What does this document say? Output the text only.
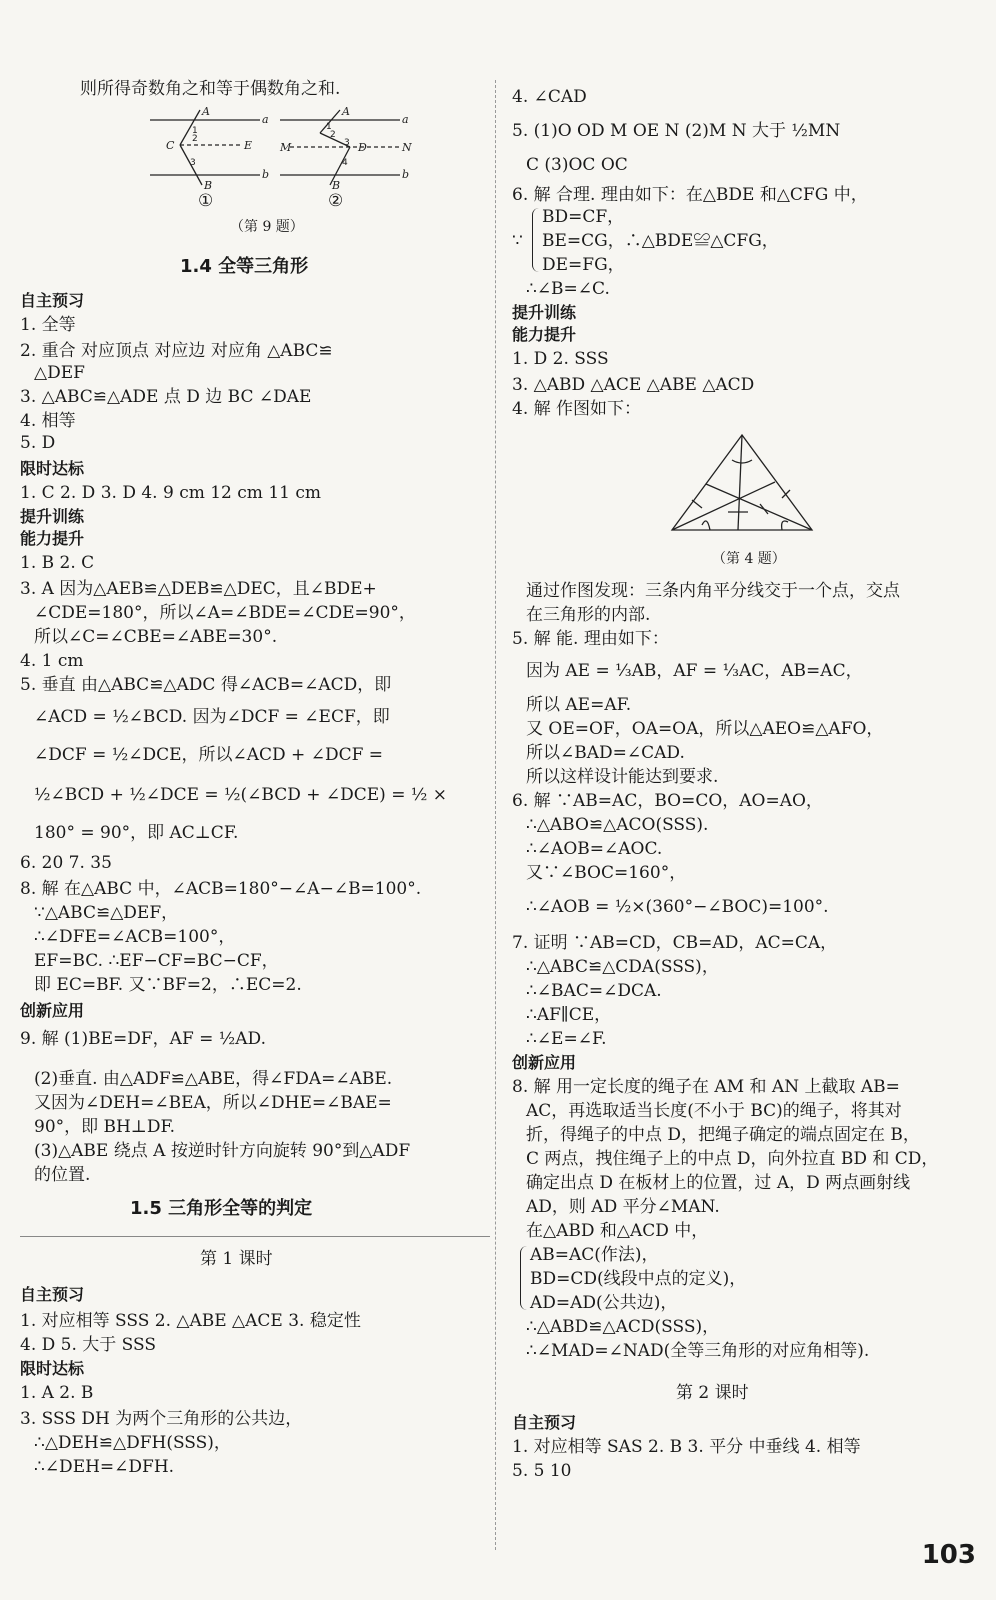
则所得奇数角之和等于偶数角之和.
A
a
C	E
B
b
A
a
M	N
D
B
b
1
2
3
1
2
3
4
①	②
（第 9 题）
1.4 全等三角形
自主预习
1. 全等
2. 重合 对应顶点 对应边 对应角 △ABC≌
△DEF
3. △ABC≌△ADE 点 D 边 BC ∠DAE
4. 相等
5. D
限时达标
1. C 2. D 3. D 4. 9 cm 12 cm 11 cm
提升训练
能力提升
1. B 2. C
3. A 因为△AEB≌△DEB≌△DEC，且∠BDE+
∠CDE=180°，所以∠A=∠BDE=∠CDE=90°，
所以∠C=∠CBE=∠ABE=30°.
4. 1 cm
5. 垂直 由△ABC≌△ADC 得∠ACB=∠ACD，即
∠ACD = ½∠BCD. 因为∠DCF = ∠ECF，即
∠DCF = ½∠DCE，所以∠ACD + ∠DCF =
½∠BCD + ½∠DCE = ½(∠BCD + ∠DCE) = ½ ×
180° = 90°，即 AC⊥CF.
6. 20 7. 35
8. 解 在△ABC 中，∠ACB=180°−∠A−∠B=100°.
∵△ABC≌△DEF，
∴∠DFE=∠ACB=100°，
EF=BC. ∴EF−CF=BC−CF，
即 EC=BF. 又∵BF=2，∴EC=2.
创新应用
9. 解 (1)BE=DF，AF = ½AD.
(2)垂直. 由△ADF≌△ABE，得∠FDA=∠ABE.
又因为∠DEH=∠BEA，所以∠DHE=∠BAE=
90°，即 BH⊥DF.
(3)△ABE 绕点 A 按逆时针方向旋转 90°到△ADF
的位置.
1.5 三角形全等的判定
第 1 课时
自主预习
1. 对应相等 SSS 2. △ABE △ACE 3. 稳定性
4. D 5. 大于 SSS
限时达标
1. A 2. B
3. SSS DH 为两个三角形的公共边，
∴△DEH≌△DFH(SSS)，
∴∠DEH=∠DFH.
4. ∠CAD
5. (1)O OD M OE N (2)M N 大于 ½MN
C (3)OC OC
6. 解 合理. 理由如下：在△BDE 和△CFG 中，
∵
BD=CF，
BE=CG，∴△BDE≌△CFG，
DE=FG，
∴∠B=∠C.
提升训练
能力提升
1. D 2. SSS
3. △ABD △ACE △ABE △ACD
4. 解 作图如下：
（第 4 题）
通过作图发现：三条内角平分线交于一个点，交点
在三角形的内部.
5. 解 能. 理由如下：
因为 AE = ⅓AB，AF = ⅓AC，AB=AC，
所以 AE=AF.
又 OE=OF，OA=OA，所以△AEO≌△AFO，
所以∠BAD=∠CAD.
所以这样设计能达到要求.
6. 解 ∵AB=AC，BO=CO，AO=AO，
∴△ABO≌△ACO(SSS).
∴∠AOB=∠AOC.
又∵∠BOC=160°，
∴∠AOB = ½×(360°−∠BOC)=100°.
7. 证明 ∵AB=CD，CB=AD，AC=CA，
∴△ABC≌△CDA(SSS)，
∴∠BAC=∠DCA.
∴AF∥CE，
∴∠E=∠F.
创新应用
8. 解 用一定长度的绳子在 AM 和 AN 上截取 AB=
AC，再选取适当长度(不小于 BC)的绳子，将其对
折，得绳子的中点 D，把绳子确定的端点固定在 B，
C 两点，拽住绳子上的中点 D，向外拉直 BD 和 CD，
确定出点 D 在板材上的位置，过 A，D 两点画射线
AD，则 AD 平分∠MAN.
在△ABD 和△ACD 中，
AB=AC(作法)，
BD=CD(线段中点的定义)，
AD=AD(公共边)，
∴△ABD≌△ACD(SSS)，
∴∠MAD=∠NAD(全等三角形的对应角相等).
第 2 课时
自主预习
1. 对应相等 SAS 2. B 3. 平分 中垂线 4. 相等
5. 5 10
103
